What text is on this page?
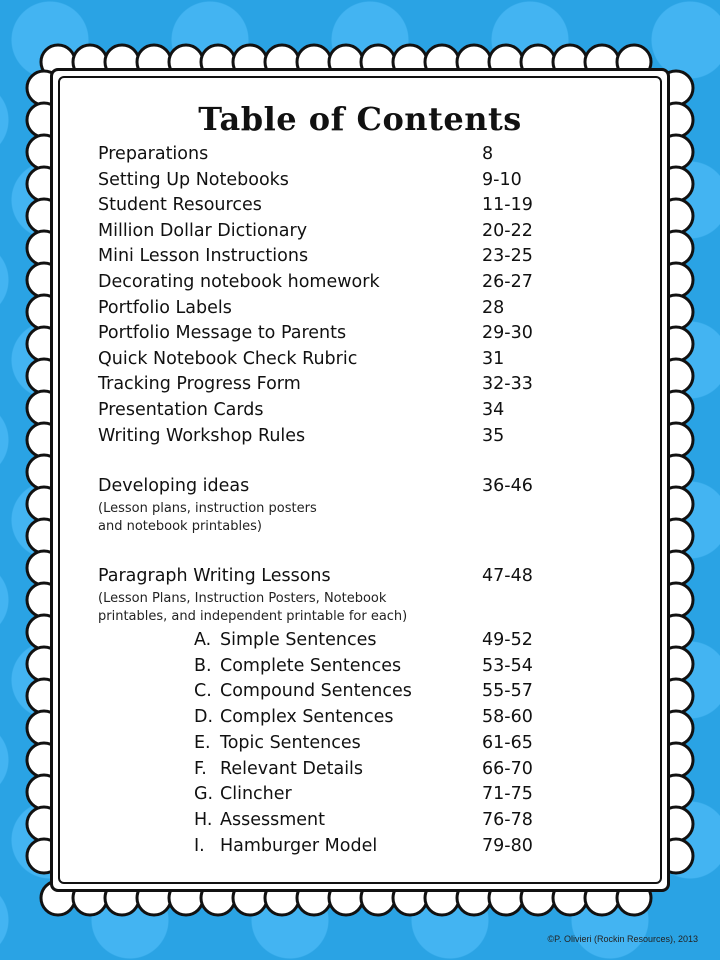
Table of Contents
Preparations	8
Setting Up Notebooks	9-10
Student Resources	11-19
Million Dollar Dictionary	20-22
Mini Lesson Instructions	23-25
Decorating notebook homework	26-27
Portfolio Labels	28
Portfolio Message to Parents	29-30
Quick Notebook Check Rubric	31
Tracking Progress Form	32-33
Presentation Cards	34
Writing Workshop Rules	35
Developing ideas	36-46
(Lesson plans, instruction posters
and notebook printables)
Paragraph Writing Lessons	47-48
(Lesson Plans, Instruction Posters, Notebook
printables, and independent printable for each)
A. Simple Sentences	49-52
B. Complete Sentences	53-54
C. Compound Sentences	55-57
D. Complex Sentences	58-60
E. Topic Sentences	61-65
F. Relevant Details	66-70
G. Clincher	71-75
H. Assessment	76-78
I. Hamburger Model	79-80
©P. Olivieri (Rockin Resources), 2013
